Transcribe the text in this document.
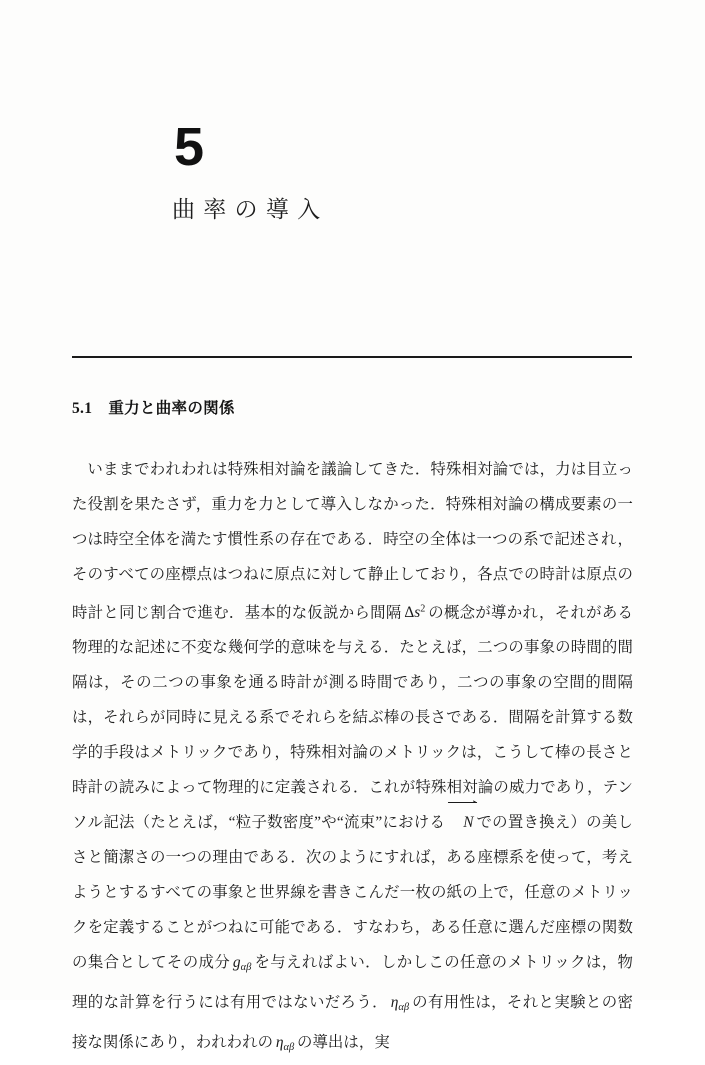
5
曲率の導入
5.1 重力と曲率の関係
いままでわれわれは特殊相対論を議論してきた．特殊相対論では，力は目立った役割を果たさず，重力を力として導入しなかった．特殊相対論の構成要素の一つは時空全体を満たす慣性系の存在である．時空の全体は一つの系で記述され，そのすべての座標点はつねに原点に対して静止しており，各点での時計は原点の時計と同じ割合で進む．基本的な仮説から間隔 $\Delta s^2$ の概念が導かれ，それがある物理的な記述に不変な幾何学的意味を与える．たとえば，二つの事象の時間的間隔は，その二つの事象を通る時計が測る時間であり，二つの事象の空間的間隔は，それらが同時に見える系でそれらを結ぶ棒の長さである．間隔を計算する数学的手段はメトリックであり，特殊相対論のメトリックは，こうして棒の長さと時計の読みによって物理的に定義される．これが特殊相対論の威力であり，テンソル記法（たとえば，“粒子数密度”や“流束”における N での置き換え）の美しさと簡潔さの一つの理由である．次のようにすれば，ある座標系を使って，考えようとするすべての事象と世界線を書きこんだ一枚の紙の上で，任意のメトリックを定義することがつねに可能である．すなわち，ある任意に選んだ座標の関数の集合としてその成分 $g_{\alpha\beta}$ を与えればよい．しかしこの任意のメトリックは，物理的な計算を行うには有用ではないだろう． $\eta_{\alpha\beta}$ の有用性は，それと実験との密接な関係にあり，われわれの $\eta_{\alpha\beta}$ の導出は，実
